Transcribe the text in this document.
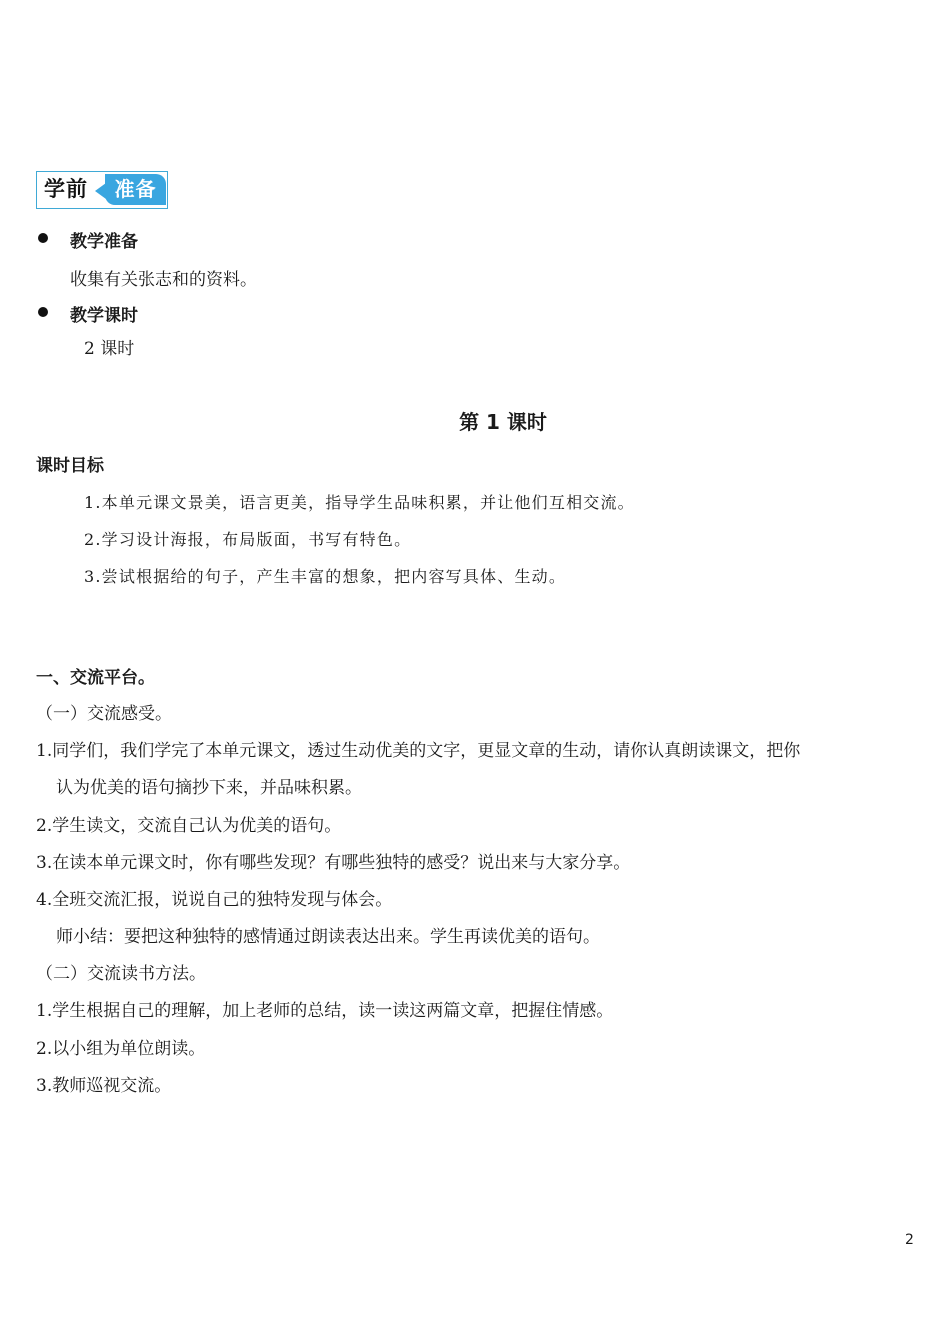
学前	准备
教学准备
收集有关张志和的资料。
教学课时
2 课时
第 1 课时
课时目标
1.本单元课文景美，语言更美，指导学生品味积累，并让他们互相交流。
2.学习设计海报，布局版面，书写有特色。
3.尝试根据给的句子，产生丰富的想象，把内容写具体、生动。
一、交流平台。
（一）交流感受。
1.同学们，我们学完了本单元课文，透过生动优美的文字，更显文章的生动，请你认真朗读课文，把你
认为优美的语句摘抄下来，并品味积累。
2.学生读文，交流自己认为优美的语句。
3.在读本单元课文时，你有哪些发现？有哪些独特的感受？说出来与大家分享。
4.全班交流汇报，说说自己的独特发现与体会。
师小结：要把这种独特的感情通过朗读表达出来。学生再读优美的语句。
（二）交流读书方法。
1.学生根据自己的理解，加上老师的总结，读一读这两篇文章，把握住情感。
2.以小组为单位朗读。
3.教师巡视交流。
2
